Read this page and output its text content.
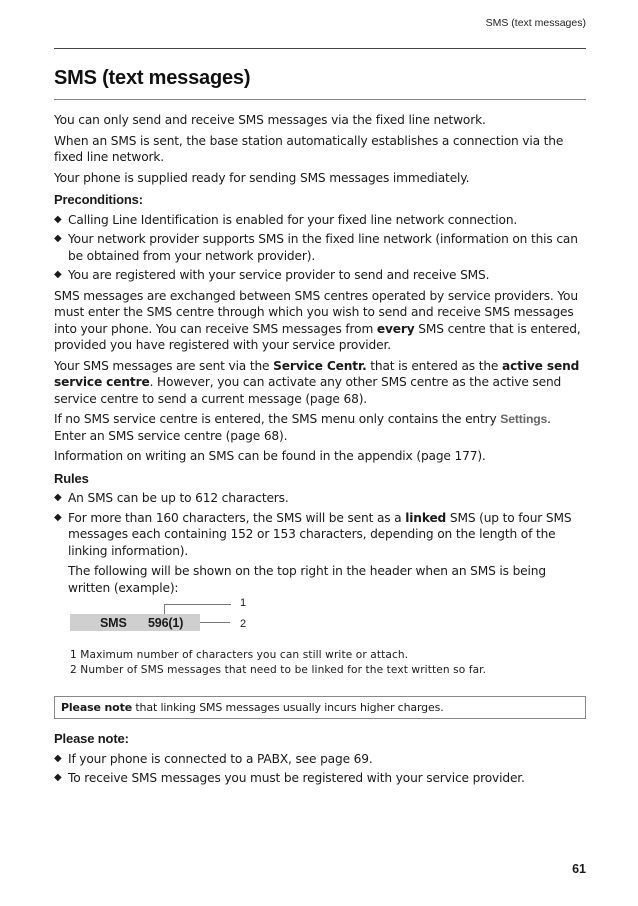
SMS (text messages)
SMS (text messages)

You can only send and receive SMS messages via the fixed line network.

When an SMS is sent, the base station automatically establishes a connection via the fixed line network.

Your phone is supplied ready for sending SMS messages immediately.

Preconditions:
◆ Calling Line Identification is enabled for your fixed line network connection.
◆ Your network provider supports SMS in the fixed line network (information on this can be obtained from your network provider).
◆ You are registered with your service provider to send and receive SMS.

SMS messages are exchanged between SMS centres operated by service providers. You must enter the SMS centre through which you wish to send and receive SMS messages into your phone. You can receive SMS messages from every SMS centre that is entered, provided you have registered with your service provider.

Your SMS messages are sent via the Service Centr. that is entered as the active send service centre. However, you can activate any other SMS centre as the active send service centre to send a current message (page 68).

If no SMS service centre is entered, the SMS menu only contains the entry Settings. Enter an SMS service centre (page 68).

Information on writing an SMS can be found in the appendix (page 177).

Rules
◆ An SMS can be up to 612 characters.
◆ For more than 160 characters, the SMS will be sent as a linked SMS (up to four SMS messages each containing 152 or 153 characters, depending on the length of the linking information).

The following will be shown on the top right in the header when an SMS is being written (example):

SMS 596(1)
1
2
1 Maximum number of characters you can still write or attach.
2 Number of SMS messages that need to be linked for the text written so far.
Please note that linking SMS messages usually incurs higher charges.
Please note:
◆ If your phone is connected to a PABX, see page 69.
◆ To receive SMS messages you must be registered with your service provider.
61
